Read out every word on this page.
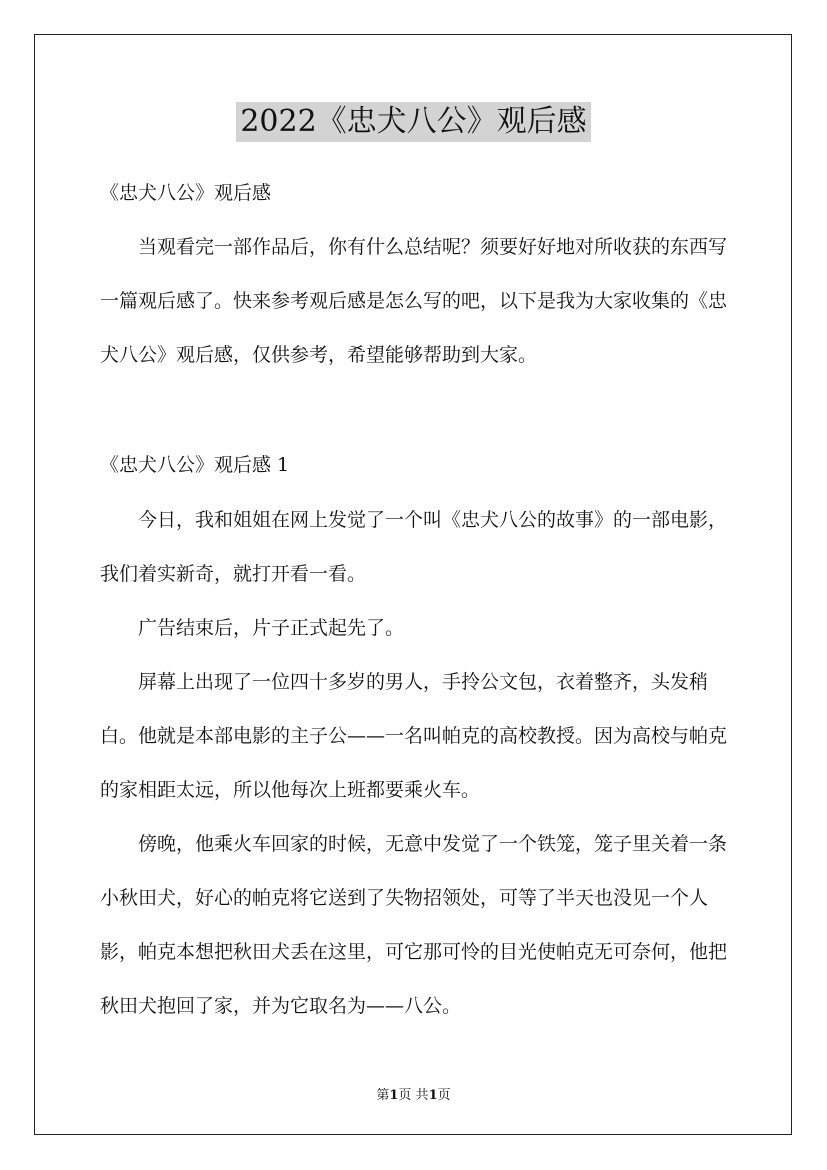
2022《忠犬八公》观后感
《忠犬八公》观后感

当观看完一部作品后，你有什么总结呢？须要好好地对所收获的东西写一篇观后感了。快来参考观后感是怎么写的吧，以下是我为大家收集的《忠犬八公》观后感，仅供参考，希望能够帮助到大家。

《忠犬八公》观后感 1

今日，我和姐姐在网上发觉了一个叫《忠犬八公的故事》的一部电影，我们着实新奇，就打开看一看。

广告结束后，片子正式起先了。

屏幕上出现了一位四十多岁的男人，手拎公文包，衣着整齐，头发稍白。他就是本部电影的主子公——一名叫帕克的高校教授。因为高校与帕克的家相距太远，所以他每次上班都要乘火车。

傍晚，他乘火车回家的时候，无意中发觉了一个铁笼，笼子里关着一条小秋田犬，好心的帕克将它送到了失物招领处，可等了半天也没见一个人影，帕克本想把秋田犬丢在这里，可它那可怜的目光使帕克无可奈何，他把秋田犬抱回了家，并为它取名为——八公。

第1页 共1页
